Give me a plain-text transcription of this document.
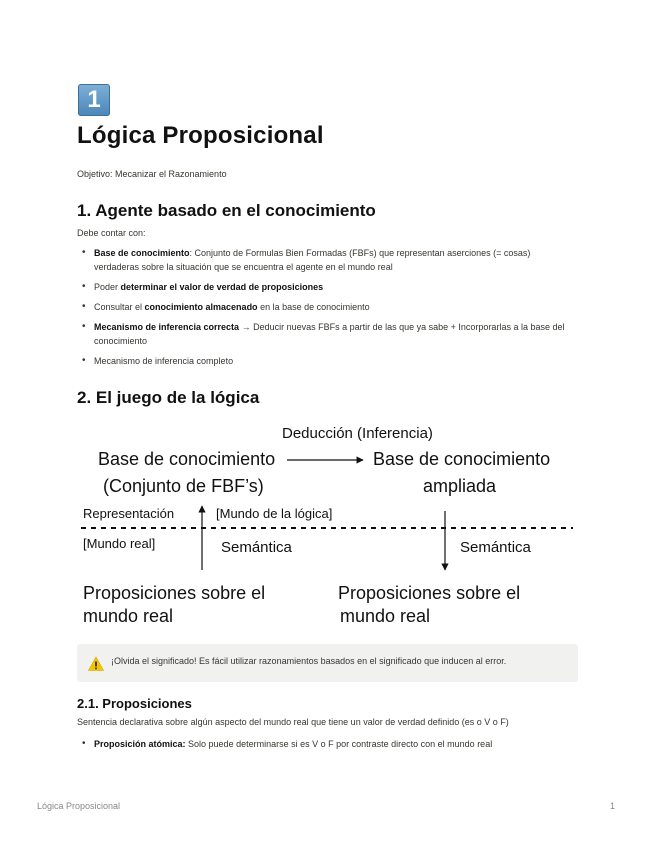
1
Lógica Proposicional
Objetivo: Mecanizar el Razonamiento
1. Agente basado en el conocimiento
Debe contar con:
• Base de conocimiento: Conjunto de Formulas Bien Formadas (FBFs) que representan aserciones (= cosas) verdaderas sobre la situación que se encuentra el agente en el mundo real
• Poder determinar el valor de verdad de proposiciones
• Consultar el conocimiento almacenado en la base de conocimiento
• Mecanismo de inferencia correcta → Deducir nuevas FBFs a partir de las que ya sabe + Incorporarlas a la base del conocimiento
• Mecanismo de inferencia completo
2. El juego de la lógica
Deducción (Inferencia)
Base de conocimiento
(Conjunto de FBF’s)
Base de conocimiento
ampliada
Representación	[Mundo de la lógica]
[Mundo real]	Semántica	Semántica
Proposiciones sobre el
mundo real
Proposiciones sobre el
mundo real
¡Olvida el significado! Es fácil utilizar razonamientos basados en el significado que inducen al error.
2.1. Proposiciones
Sentencia declarativa sobre algún aspecto del mundo real que tiene un valor de verdad definido (es o V o F)
• Proposición atómica: Solo puede determinarse si es V o F por contraste directo con el mundo real
Lógica Proposicional	1
